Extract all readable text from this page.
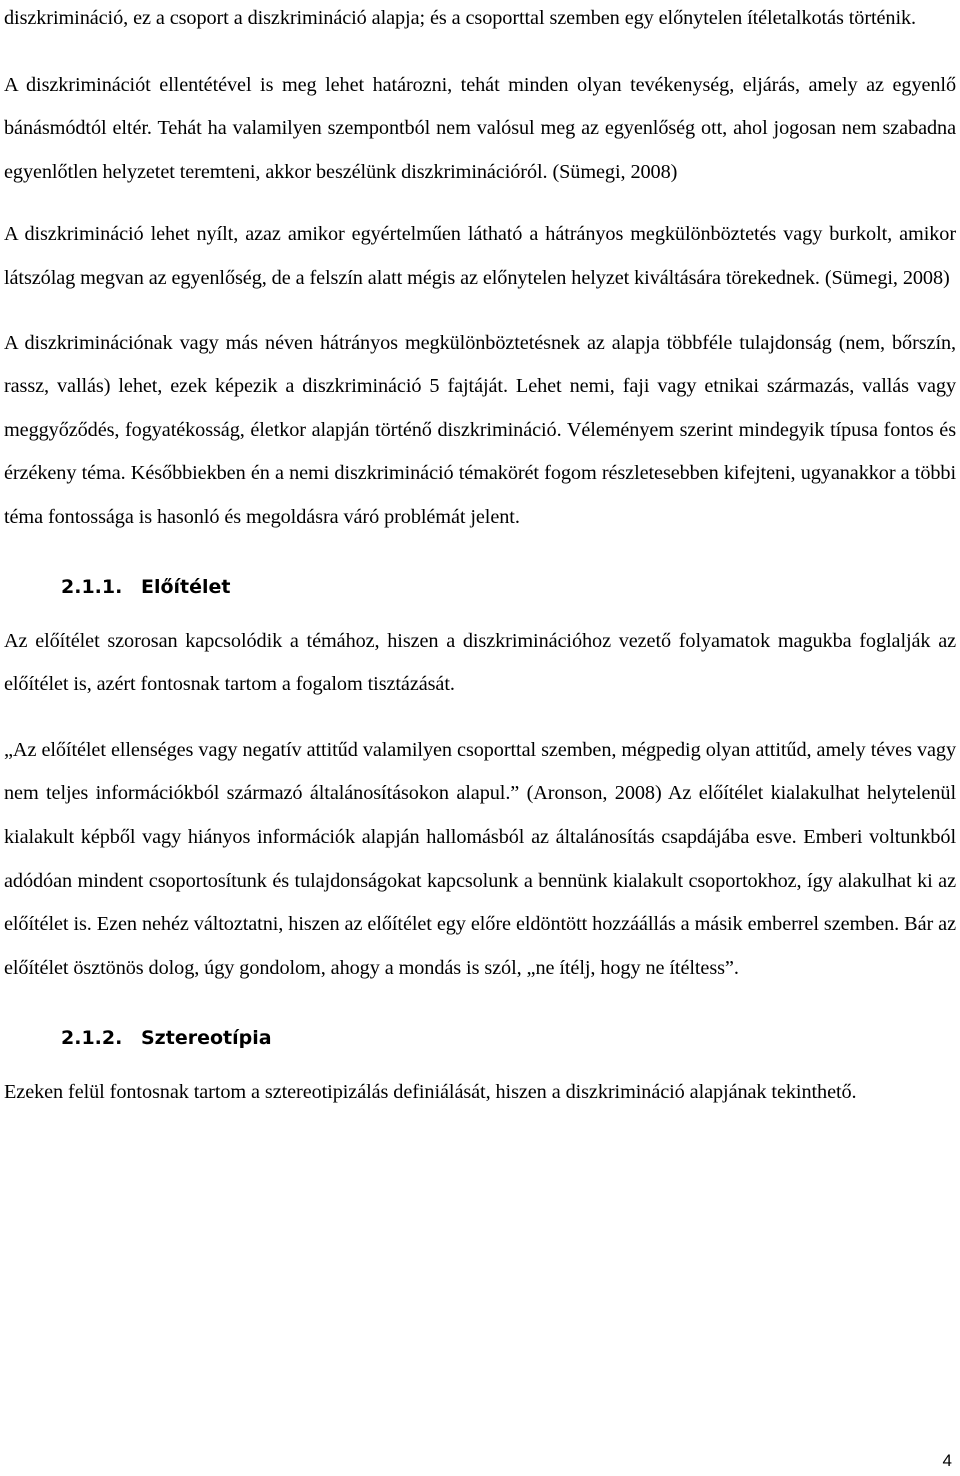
diszkrimináció, ez a csoport a diszkrimináció alapja; és a csoporttal szemben egy előnytelen ítéletalkotás történik.

A diszkriminációt ellentétével is meg lehet határozni, tehát minden olyan tevékenység, eljárás, amely az egyenlő bánásmódtól eltér. Tehát ha valamilyen szempontból nem valósul meg az egyenlőség ott, ahol jogosan nem szabadna egyenlőtlen helyzetet teremteni, akkor beszélünk diszkriminációról. (Sümegi, 2008)

A diszkrimináció lehet nyílt, azaz amikor egyértelműen látható a hátrányos megkülönböztetés vagy burkolt, amikor látszólag megvan az egyenlőség, de a felszín alatt mégis az előnytelen helyzet kiváltására törekednek. (Sümegi, 2008)

A diszkriminációnak vagy más néven hátrányos megkülönböztetésnek az alapja többféle tulajdonság (nem, bőrszín, rassz, vallás) lehet, ezek képezik a diszkrimináció 5 fajtáját. Lehet nemi, faji vagy etnikai származás, vallás vagy meggyőződés, fogyatékosság, életkor alapján történő diszkrimináció. Véleményem szerint mindegyik típusa fontos és érzékeny téma. Későbbiekben én a nemi diszkrimináció témakörét fogom részletesebben kifejteni, ugyanakkor a többi téma fontossága is hasonló és megoldásra váró problémát jelent.

2.1.1. Előítélet

Az előítélet szorosan kapcsolódik a témához, hiszen a diszkriminációhoz vezető folyamatok magukba foglalják az előítélet is, azért fontosnak tartom a fogalom tisztázását.

„Az előítélet ellenséges vagy negatív attitűd valamilyen csoporttal szemben, mégpedig olyan attitűd, amely téves vagy nem teljes információkból származó általánosításokon alapul.” (Aronson, 2008) Az előítélet kialakulhat helytelenül kialakult képből vagy hiányos információk alapján hallomásból az általánosítás csapdájába esve. Emberi voltunkból adódóan mindent csoportosítunk és tulajdonságokat kapcsolunk a bennünk kialakult csoportokhoz, így alakulhat ki az előítélet is. Ezen nehéz változtatni, hiszen az előítélet egy előre eldöntött hozzáállás a másik emberrel szemben. Bár az előítélet ösztönös dolog, úgy gondolom, ahogy a mondás is szól, „ne ítélj, hogy ne ítéltess”.

2.1.2. Sztereotípia

Ezeken felül fontosnak tartom a sztereotipizálás definiálását, hiszen a diszkrimináció alapjának tekinthető.

4
